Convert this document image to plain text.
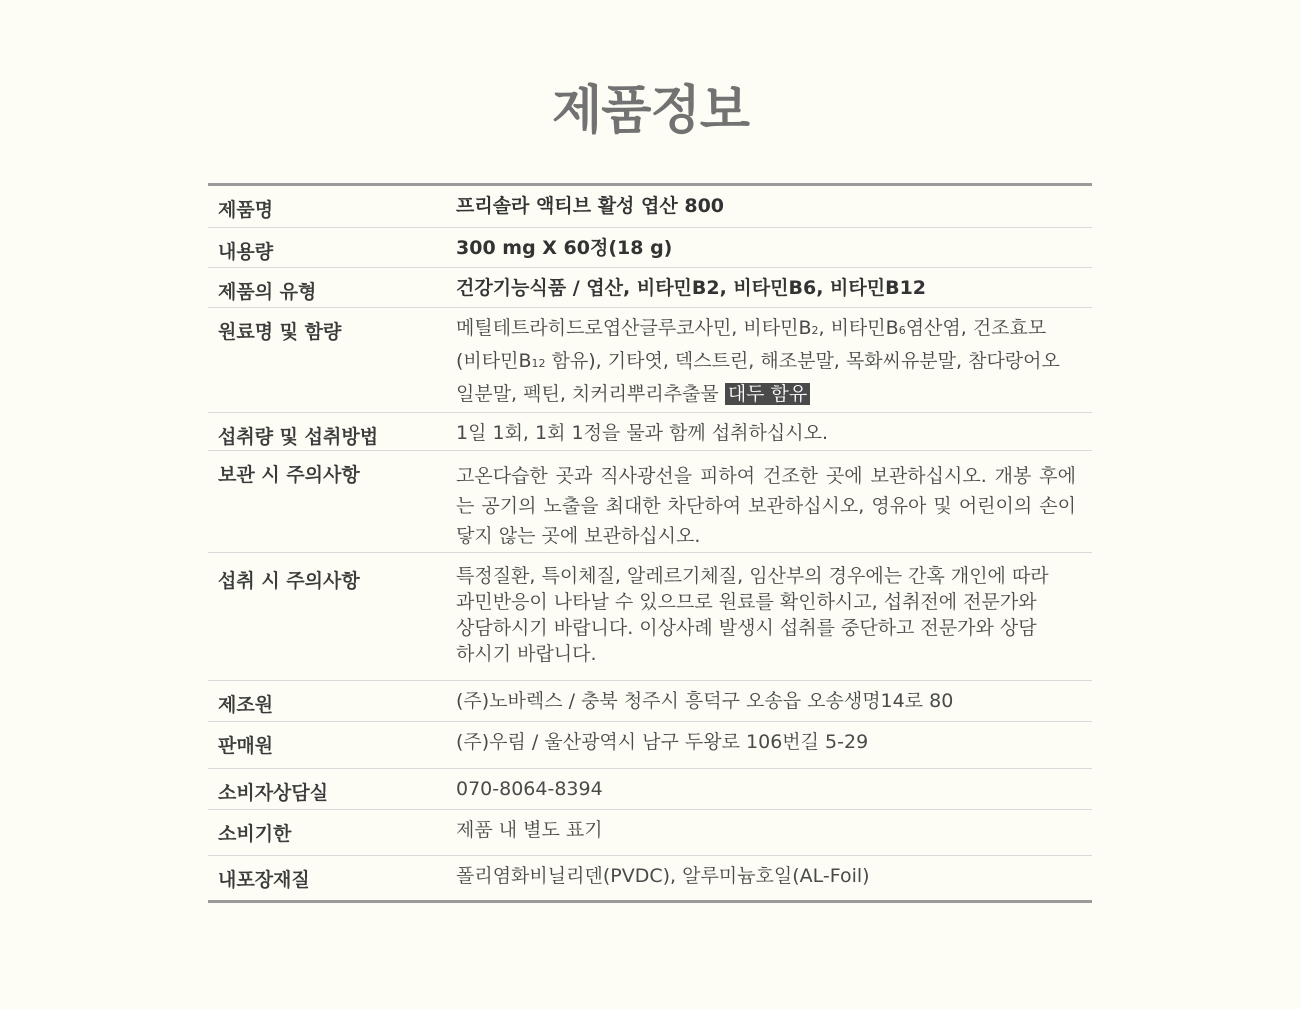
제품정보
제품명	프리솔라 액티브 활성 엽산 800
내용량	300 mg X 60정(18 g)
제품의 유형	건강기능식품 / 엽산, 비타민B2, 비타민B6, 비타민B12
원료명 및 함량	메틸테트라히드로엽산글루코사민, 비타민B2, 비타민B6염산염, 건조효모 (비타민B12 함유), 기타엿, 덱스트린, 해조분말, 목화씨유분말, 참다랑어오일분말, 펙틴, 치커리뿌리추출물 대두 함유
섭취량 및 섭취방법	1일 1회, 1회 1정을 물과 함께 섭취하십시오.
보관 시 주의사항	고온다습한 곳과 직사광선을 피하여 건조한 곳에 보관하십시오. 개봉 후에는 공기의 노출을 최대한 차단하여 보관하십시오, 영유아 및 어린이의 손이 닿지 않는 곳에 보관하십시오.
섭취 시 주의사항	특정질환, 특이체질, 알레르기체질, 임산부의 경우에는 간혹 개인에 따라 과민반응이 나타날 수 있으므로 원료를 확인하시고, 섭취전에 전문가와 상담하시기 바랍니다. 이상사례 발생시 섭취를 중단하고 전문가와 상담하시기 바랍니다.
제조원	(주)노바렉스 / 충북 청주시 흥덕구 오송읍 오송생명14로 80
판매원	(주)우림 / 울산광역시 남구 두왕로 106번길 5-29
소비자상담실	070-8064-8394
소비기한	제품 내 별도 표기
내포장재질	폴리염화비닐리덴(PVDC), 알루미늄호일(AL-Foil)
